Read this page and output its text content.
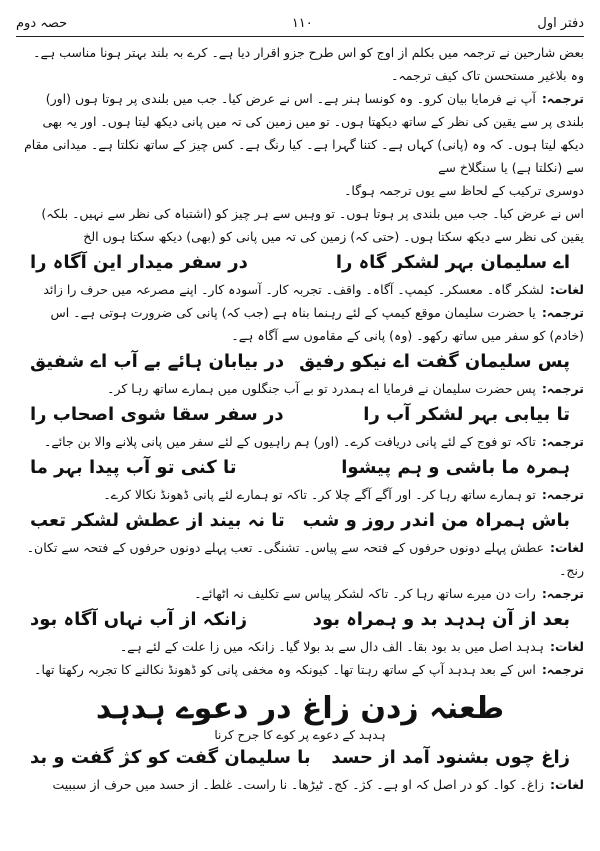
دفتر اول
۱۱۰
حصہ دوم

بعض شارحین نے ترجمہ میں بکلم از اوج کو اس طرح جزو اقرار دیا ہے۔ کرے بہ بلند بہتر ہونا مناسب ہے۔ وہ بلاغیر مستحسن تاک کیف ترجمہ۔

ترجمہ:آپ نے فرمایا بیان کرو۔ وہ کونسا ہنر ہے۔ اس نے عرض کیا۔ جب میں بلندی پر ہوتا ہوں (اور) بلندی پر سے یقین کی نظر کے ساتھ دیکھتا ہوں۔ تو میں زمین کی تہ میں پانی دیکھ لیتا ہوں۔ اور یہ بھی دیکھ لیتا ہوں۔ کہ وہ (پانی) کہاں ہے۔ کتنا گہرا ہے۔ کیا رنگ ہے۔ کس چیز کے ساتھ نکلتا ہے۔ میدانی مقام سے (نکلتا ہے) یا سنگلاخ سے

دوسری ترکیب کے لحاظ سے یوں ترجمہ ہوگا۔

اس نے عرض کیا۔ جب میں بلندی پر ہوتا ہوں۔ تو وہیں سے ہر چیز کو (اشتباہ کی نظر سے نہیں۔ بلکہ) یقین کی نظر سے دیکھ سکتا ہوں۔ (حتی کہ) زمین کی تہ میں پانی کو (بھی) دیکھ سکتا ہوں الخ

اے سلیمان بہر لشکر گاہ را
در سفر میدار این آگاہ را

لغات:لشکر گاہ۔ معسکر۔ کیمپ۔ آگاہ۔ واقف۔ تجربہ کار۔ آسودہ کار۔ اپنے مصرعہ میں حرف را زائد

ترجمہ:یا حضرت سلیمان موقع کیمپ کے لئے رہنما بناہ ہے (جب کہ) پانی کی ضرورت ہوتی ہے۔ اس (خادم) کو سفر میں ساتھ رکھو۔ (وہ) پانی کے مقاموں سے آگاہ ہے۔

پس سلیمان گفت اے نیکو رفیق
در بیابان ہائے بے آب اے شفیق

ترجمہ:پس حضرت سلیمان نے فرمایا اے ہمدرد تو بے آب جنگلوں میں ہمارے ساتھ رہا کر۔

تا بیابی بہر لشکر آب را
در سفر سقا شوی اصحاب را

ترجمہ:تاکہ تو فوج کے لئے پانی دریافت کرے۔ (اور) ہم راہیوں کے لئے سفر میں پانی پلانے والا بن جائے۔

ہمرہ ما باشی و ہم پیشوا
تا کنی تو آب پیدا بہر ما

ترجمہ:تو ہمارے ساتھ رہا کر۔ اور آگے آگے چلا کر۔ تاکہ تو ہمارے لئے پانی ڈھونڈ نکالا کرے۔

باش ہمراہ من اندر روز و شب
تا نہ بیند از عطش لشکر تعب

لغات:عطش پہلے دونوں حرفوں کے فتحہ سے پیاس۔ تشنگی۔ تعب پہلے دونوں حرفوں کے فتحہ سے تکان۔ رنج۔

ترجمہ:رات دن میرے ساتھ رہا کر۔ تاکہ لشکر پیاس سے تکلیف نہ اٹھائے۔

بعد از آن ہدہد بد و ہمراہ بود
زانکہ از آب نہاں آگاہ بود

لغات:ہدہد اصل میں بد بود بقا۔ الف دال سے بد بولا گیا۔ زانکہ میں زا علت کے لئے ہے۔

ترجمہ:اس کے بعد ہدہد آپ کے ساتھ رہتا تھا۔ کیونکہ وہ مخفی پانی کو ڈھونڈ نکالنے کا تجربہ رکھتا تھا۔

طعنہ زدن زاغ در دعوے ہدہد
ہدہد کے دعوے پر کوے کا جرح کرنا
زاغ چوں بشنود آمد از حسد
با سلیمان گفت کو کژ گفت و بد

لغات:زاغ۔ کوا۔ کو در اصل کہ او ہے۔ کژ۔ کج۔ ٹیڑھا۔ نا راست۔ غلط۔ از حسد میں حرف از سببیت
